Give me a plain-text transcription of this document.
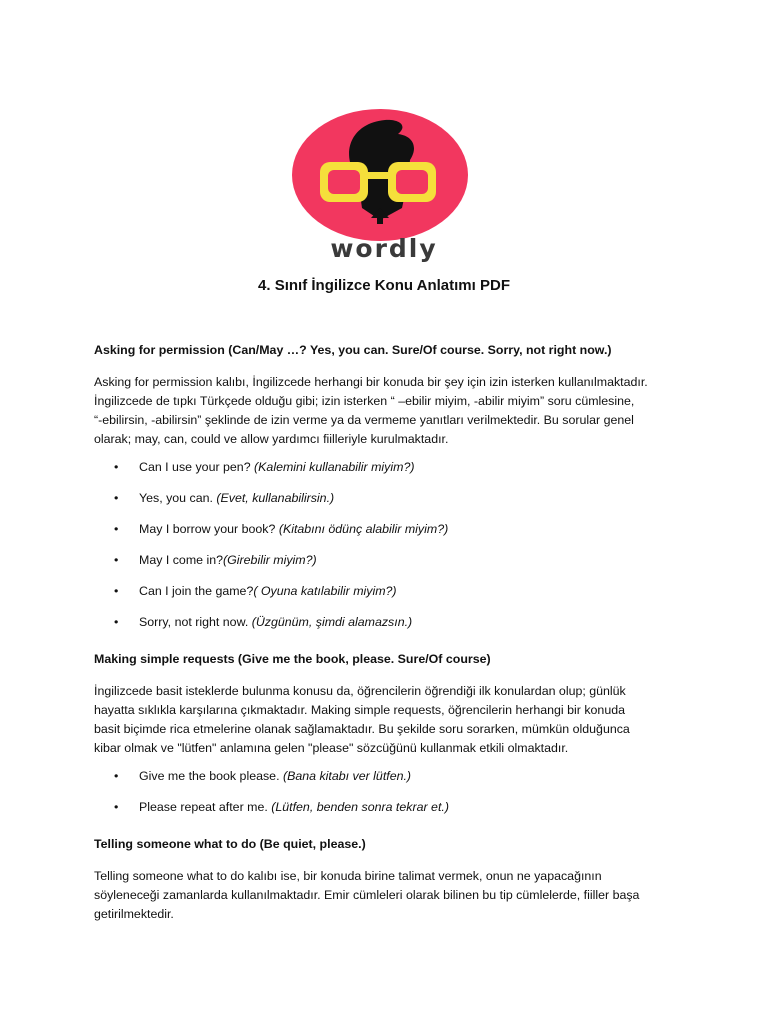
wordly
4. Sınıf İngilizce Konu Anlatımı PDF
Asking for permission (Can/May …? Yes, you can. Sure/Of course. Sorry, not right now.)
Asking for permission kalıbı, İngilizcede herhangi bir konuda bir şey için izin isterken kullanılmaktadır.
İngilizcede de tıpkı Türkçede olduğu gibi; izin isterken “ –ebilir miyim, -abilir miyim” soru cümlesine,
“-ebilirsin, -abilirsin” şeklinde de izin verme ya da vermeme yanıtları verilmektedir. Bu sorular genel
olarak; may, can, could ve allow yardımcı fiilleriyle kurulmaktadır.
• Can I use your pen? (Kalemini kullanabilir miyim?)
• Yes, you can. (Evet, kullanabilirsin.)
• May I borrow your book? (Kitabını ödünç alabilir miyim?)
• May I come in?(Girebilir miyim?)
• Can I join the game?( Oyuna katılabilir miyim?)
• Sorry, not right now. (Üzgünüm, şimdi alamazsın.)
Making simple requests (Give me the book, please. Sure/Of course)
İngilizcede basit isteklerde bulunma konusu da, öğrencilerin öğrendiği ilk konulardan olup; günlük
hayatta sıklıkla karşılarına çıkmaktadır. Making simple requests, öğrencilerin herhangi bir konuda
basit biçimde rica etmelerine olanak sağlamaktadır. Bu şekilde soru sorarken, mümkün olduğunca
kibar olmak ve "lütfen" anlamına gelen "please" sözcüğünü kullanmak etkili olmaktadır.
• Give me the book please. (Bana kitabı ver lütfen.)
• Please repeat after me. (Lütfen, benden sonra tekrar et.)
Telling someone what to do (Be quiet, please.)
Telling someone what to do kalıbı ise, bir konuda birine talimat vermek, onun ne yapacağının
söyleneceği zamanlarda kullanılmaktadır. Emir cümleleri olarak bilinen bu tip cümlelerde, fiiller başa
getirilmektedir.
